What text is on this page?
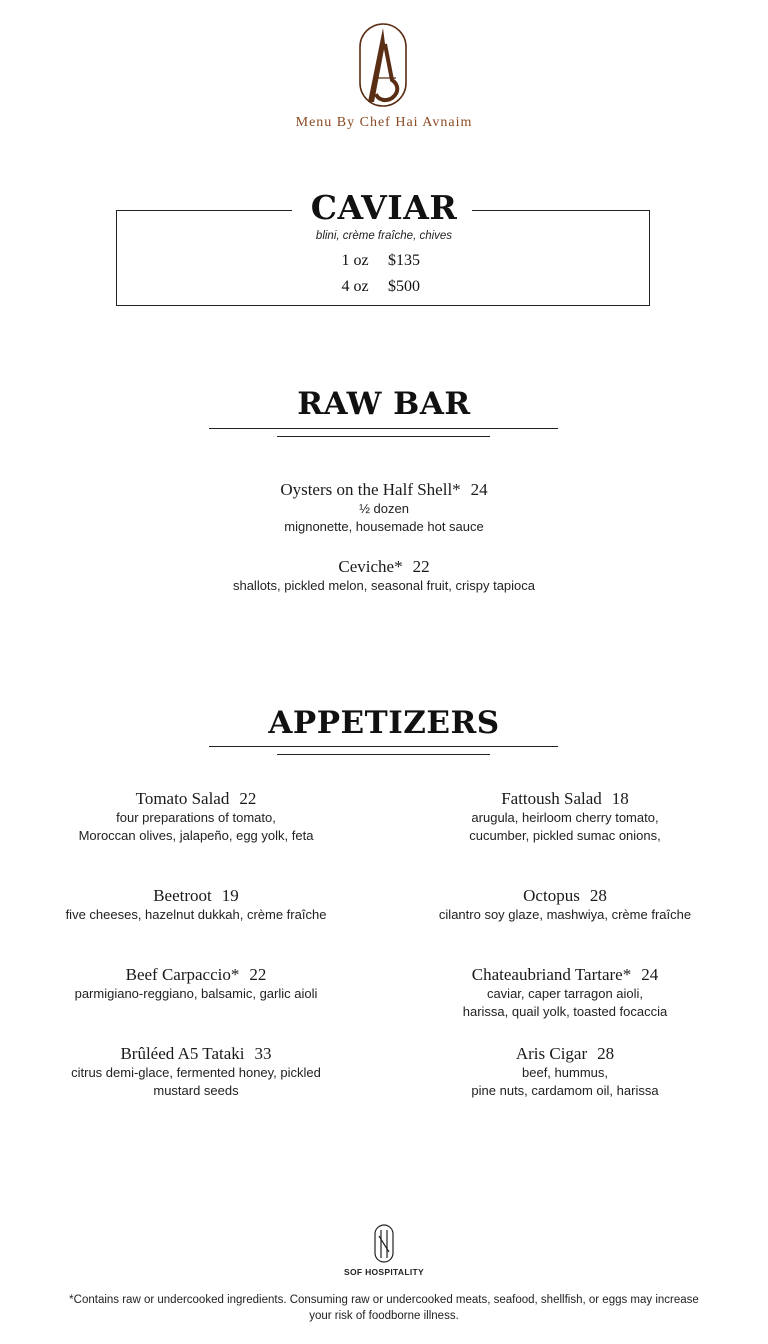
Menu By Chef Hai Avnaim
CAVIAR
blini, crème fraîche, chives
1 oz $135
4 oz $500
RAW BAR
Oysters on the Half Shell* 24
½ dozen
mignonette, housemade hot sauce
Ceviche* 22
shallots, pickled melon, seasonal fruit, crispy tapioca
APPETIZERS
Tomato Salad 22
four preparations of tomato,
Moroccan olives, jalapeño, egg yolk, feta
Beetroot 19
five cheeses, hazelnut dukkah, crème fraîche
Beef Carpaccio* 22
parmigiano-reggiano, balsamic, garlic aioli
Brûléed A5 Tataki 33
citrus demi-glace, fermented honey, pickled
mustard seeds
Fattoush Salad 18
arugula, heirloom cherry tomato,
cucumber, pickled sumac onions,
Octopus 28
cilantro soy glaze, mashwiya, crème fraîche
Chateaubriand Tartare* 24
caviar, caper tarragon aioli,
harissa, quail yolk, toasted focaccia
Aris Cigar 28
beef, hummus,
pine nuts, cardamom oil, harissa
SOF HOSPITALITY
*Contains raw or undercooked ingredients. Consuming raw or undercooked meats, seafood, shellfish, or eggs may increase
your risk of foodborne illness.
